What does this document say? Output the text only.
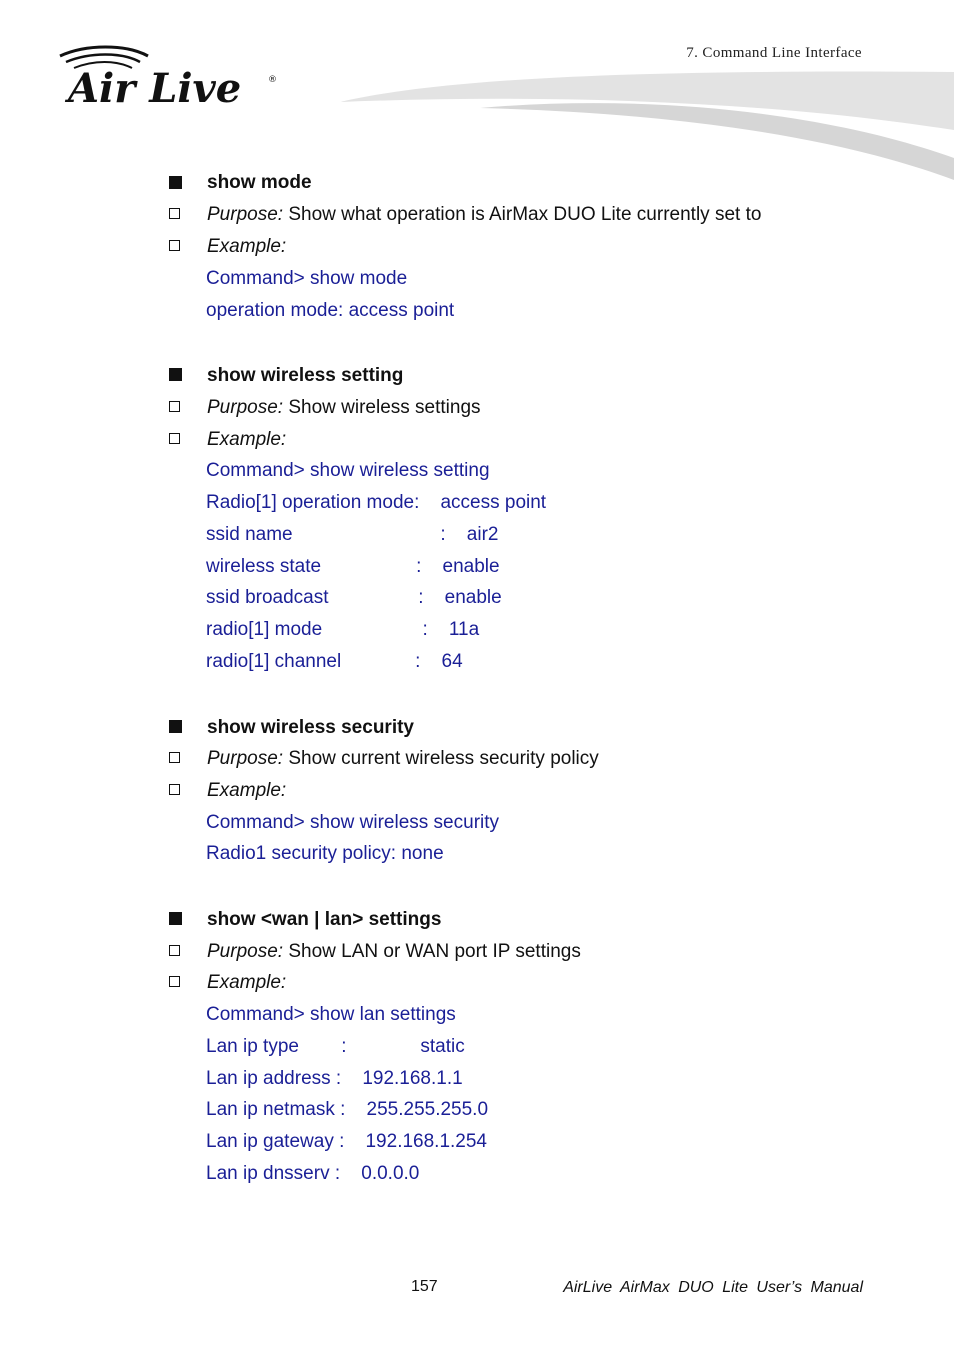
7. Command Line Interface
Air Live	®
show mode
Purpose: Show what operation is AirMax DUO Lite currently set to
Example:
Command> show mode
operation mode: access point
show wireless setting
Purpose: Show wireless settings
Example:
Command> show wireless setting
Radio[1] operation mode:    access point
ssid name                            :    air2
wireless state                  :    enable
ssid broadcast                 :    enable
radio[1] mode                   :    11a
radio[1] channel              :    64
show wireless security
Purpose: Show current wireless security policy
Example:
Command> show wireless security
Radio1 security policy: none
show <wan | lan> settings
Purpose: Show LAN or WAN port IP settings
Example:
Command> show lan settings
Lan ip type        :              static
Lan ip address :    192.168.1.1
Lan ip netmask :    255.255.255.0
Lan ip gateway :    192.168.1.254
Lan ip dnsserv :    0.0.0.0
157	AirLive AirMax DUO Lite User’s Manual
